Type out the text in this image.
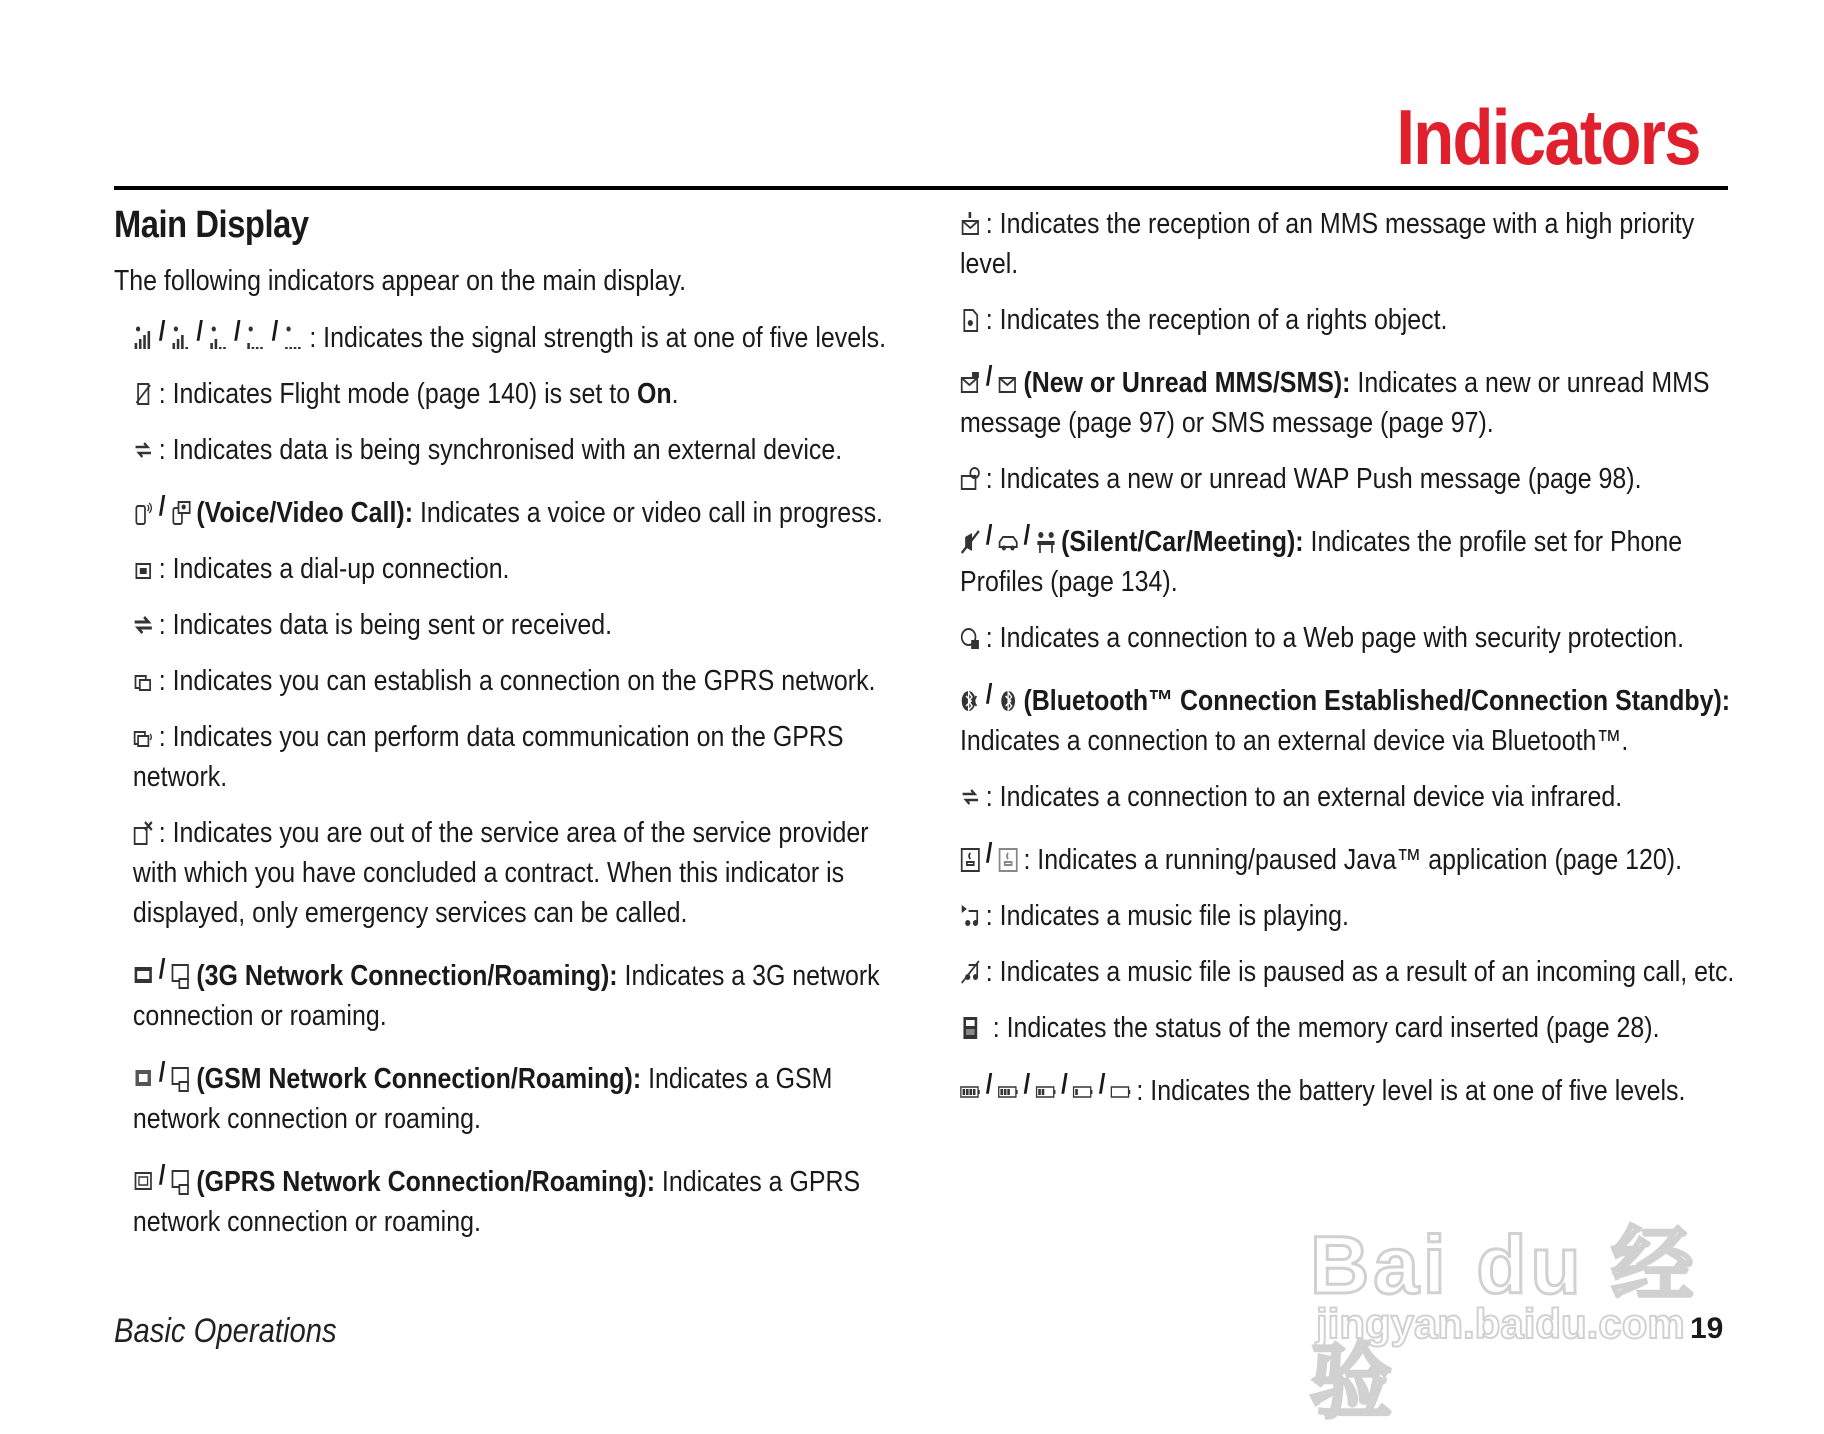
Indicators
Main Display

The following indicators appear on the main display.

/ / / / : Indicates the signal strength is at one of five levels.

: Indicates Flight mode (page 140) is set to On.

: Indicates data is being synchronised with an external device.

/ (Voice/Video Call): Indicates a voice or video call in progress.

: Indicates a dial-up connection.

: Indicates data is being sent or received.

: Indicates you can establish a connection on the GPRS network.

: Indicates you can perform data communication on the GPRS network.

: Indicates you are out of the service area of the service provider with which you have concluded a contract. When this indicator is displayed, only emergency services can be called.

/ (3G Network Connection/Roaming): Indicates a 3G network connection or roaming.

/ (GSM Network Connection/Roaming): Indicates a GSM network connection or roaming.

/ (GPRS Network Connection/Roaming): Indicates a GPRS network connection or roaming.

: Indicates the reception of an MMS message with a high priority level.

: Indicates the reception of a rights object.

/ (New or Unread MMS/SMS): Indicates a new or unread MMS message (page 97) or SMS message (page 97).

: Indicates a new or unread WAP Push message (page 98).

/ / (Silent/Car/Meeting): Indicates the profile set for Phone Profiles (page 134).

: Indicates a connection to a Web page with security protection.

/ (Bluetooth™ Connection Established/Connection Standby): Indicates a connection to an external device via Bluetooth™.

: Indicates a connection to an external device via infrared.

/ : Indicates a running/paused Java™ application (page 120).

: Indicates a music file is playing.

: Indicates a music file is paused as a result of an incoming call, etc.

: Indicates the status of the memory card inserted (page 28).

/ / / / : Indicates the battery level is at one of five levels.

Basic Operations	19
Bai du 经验
jingyan.baidu.com
